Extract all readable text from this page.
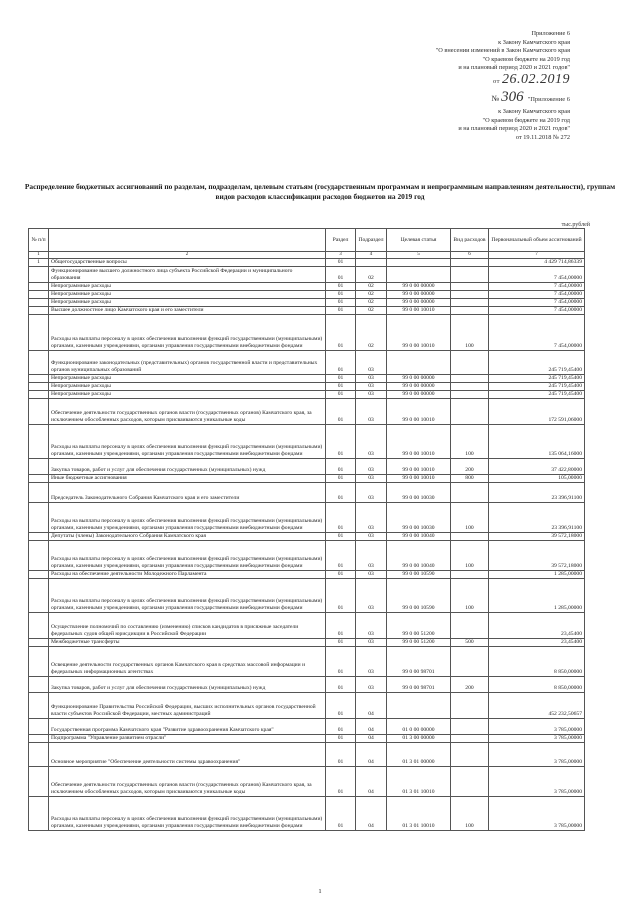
Приложение 6
к Закону Камчатского края
"О внесении изменений в Закон Камчатского края
"О краевом бюджете на 2019 год
и на плановый период 2020 и 2021 годов"
от 26.02.2019
№ 306 "Приложение 6
к Закону Камчатского края
"О краевом бюджете на 2019 год
и на плановый период 2020 и 2021 годов"
от 19.11.2018 № 272
Распределение бюджетных ассигнований по разделам, подразделам, целевым статьям (государственным программам и непрограммным направлениям деятельности), группам видов расходов классификации расходов бюджетов на 2019 год
тыс.рублей
№ п/п		Раздел	Подраздел	Целевая статья	Вид расходов	Первоначальный объем ассигнований
1	2	3	4	5	6	7
1	Общегосударственные вопросы	01				4 429 714,86339
	Функционирование высшего должностного лица субъекта Российской Федерации и муниципального образования	01	02			7 454,00000
	Непрограммные расходы	01	02	99 0 00 00000		7 454,00000
	Непрограммные расходы	01	02	99 0 00 00000		7 454,00000
	Непрограммные расходы	01	02	99 0 00 00000		7 454,00000
	Высшее должностное лицо Камчатского края и его заместители	01	02	99 0 00 10010		7 454,00000
	Расходы на выплаты персоналу в целях обеспечения выполнения функций государственными (муниципальными) органами, казенными учреждениями, органами управления государственными внебюджетными фондами	01	02	99 0 00 10010	100	7 454,00000
	Функционирование законодательных (представительных) органов государственной власти и представительных органов муниципальных образований	01	03			245 719,45400
	Непрограммные расходы	01	03	99 0 00 00000		245 719,45400
	Непрограммные расходы	01	03	99 0 00 00000		245 719,45400
	Непрограммные расходы	01	03	99 0 00 00000		245 719,45400
	Обеспечение деятельности государственных органов власти (государственных органов) Камчатского края, за исключением обособленных расходов, которым присваиваются уникальные коды	01	03	99 0 00 10010		172 591,06000
	Расходы на выплаты персоналу в целях обеспечения выполнения функций государственными (муниципальными) органами, казенными учреждениями, органами управления государственными внебюджетными фондами	01	03	99 0 00 10010	100	135 064,16000
	Закупка товаров, работ и услуг для обеспечения государственных (муниципальных) нужд	01	03	99 0 00 10010	200	37 422,80000
	Иные бюджетные ассигнования	01	03	99 0 00 10010	800	105,00000
	Председатель Законодательного Собрания Камчатского края и его заместители	01	03	99 0 00 10030		23 396,91100
	Расходы на выплаты персоналу в целях обеспечения выполнения функций государственными (муниципальными) органами, казенными учреждениями, органами управления государственными внебюджетными фондами	01	03	99 0 00 10030	100	23 396,91100
	Депутаты (члены) Законодательного Собрания Камчатского края	01	03	99 0 00 10040		39 572,18000
	Расходы на выплаты персоналу в целях обеспечения выполнения функций государственными (муниципальными) органами, казенными учреждениями, органами управления государственными внебюджетными фондами	01	03	99 0 00 10040	100	39 572,18000
	Расходы на обеспечение деятельности Молодежного Парламента	01	03	99 0 00 10590		1 285,00000
	Расходы на выплаты персоналу в целях обеспечения выполнения функций государственными (муниципальными) органами, казенными учреждениями, органами управления государственными внебюджетными фондами	01	03	99 0 00 10590	100	1 285,00000
	Осуществление полномочий по составлению (изменению) списков кандидатов в присяжные заседатели федеральных судов общей юрисдикции в Российской Федерации	01	03	99 0 00 51200		23,45400
	Межбюджетные трансферты	01	03	99 0 00 51200	500	23,45400
	Освещение деятельности государственных органов Камчатского края в средствах массовой информации и федеральных информационных агентствах	01	03	99 0 00 98701		8 850,00000
	Закупка товаров, работ и услуг для обеспечения государственных (муниципальных) нужд	01	03	99 0 00 98701	200	8 850,00000
	Функционирование Правительства Российской Федерации, высших исполнительных органов государственной власти субъектов Российской Федерации, местных администраций	01	04			452 232,50657
	Государственная программа Камчатского края "Развитие здравоохранения Камчатского края"	01	04	01 0 00 00000		3 785,00000
	Подпрограмма "Управление развитием отрасли"	01	04	01 3 00 00000		3 785,00000
	Основное мероприятие "Обеспечение деятельности системы здравоохранения"	01	04	01 3 01 00000		3 785,00000
	Обеспечение деятельности государственных органов власти (государственных органов) Камчатского края, за исключением обособленных расходов, которым присваиваются уникальные коды	01	04	01 3 01 10010		3 785,00000
	Расходы на выплаты персоналу в целях обеспечения выполнения функций государственными (муниципальными) органами, казенными учреждениями, органами управления государственными внебюджетными фондами	01	04	01 3 01 10010	100	3 785,00000
1
